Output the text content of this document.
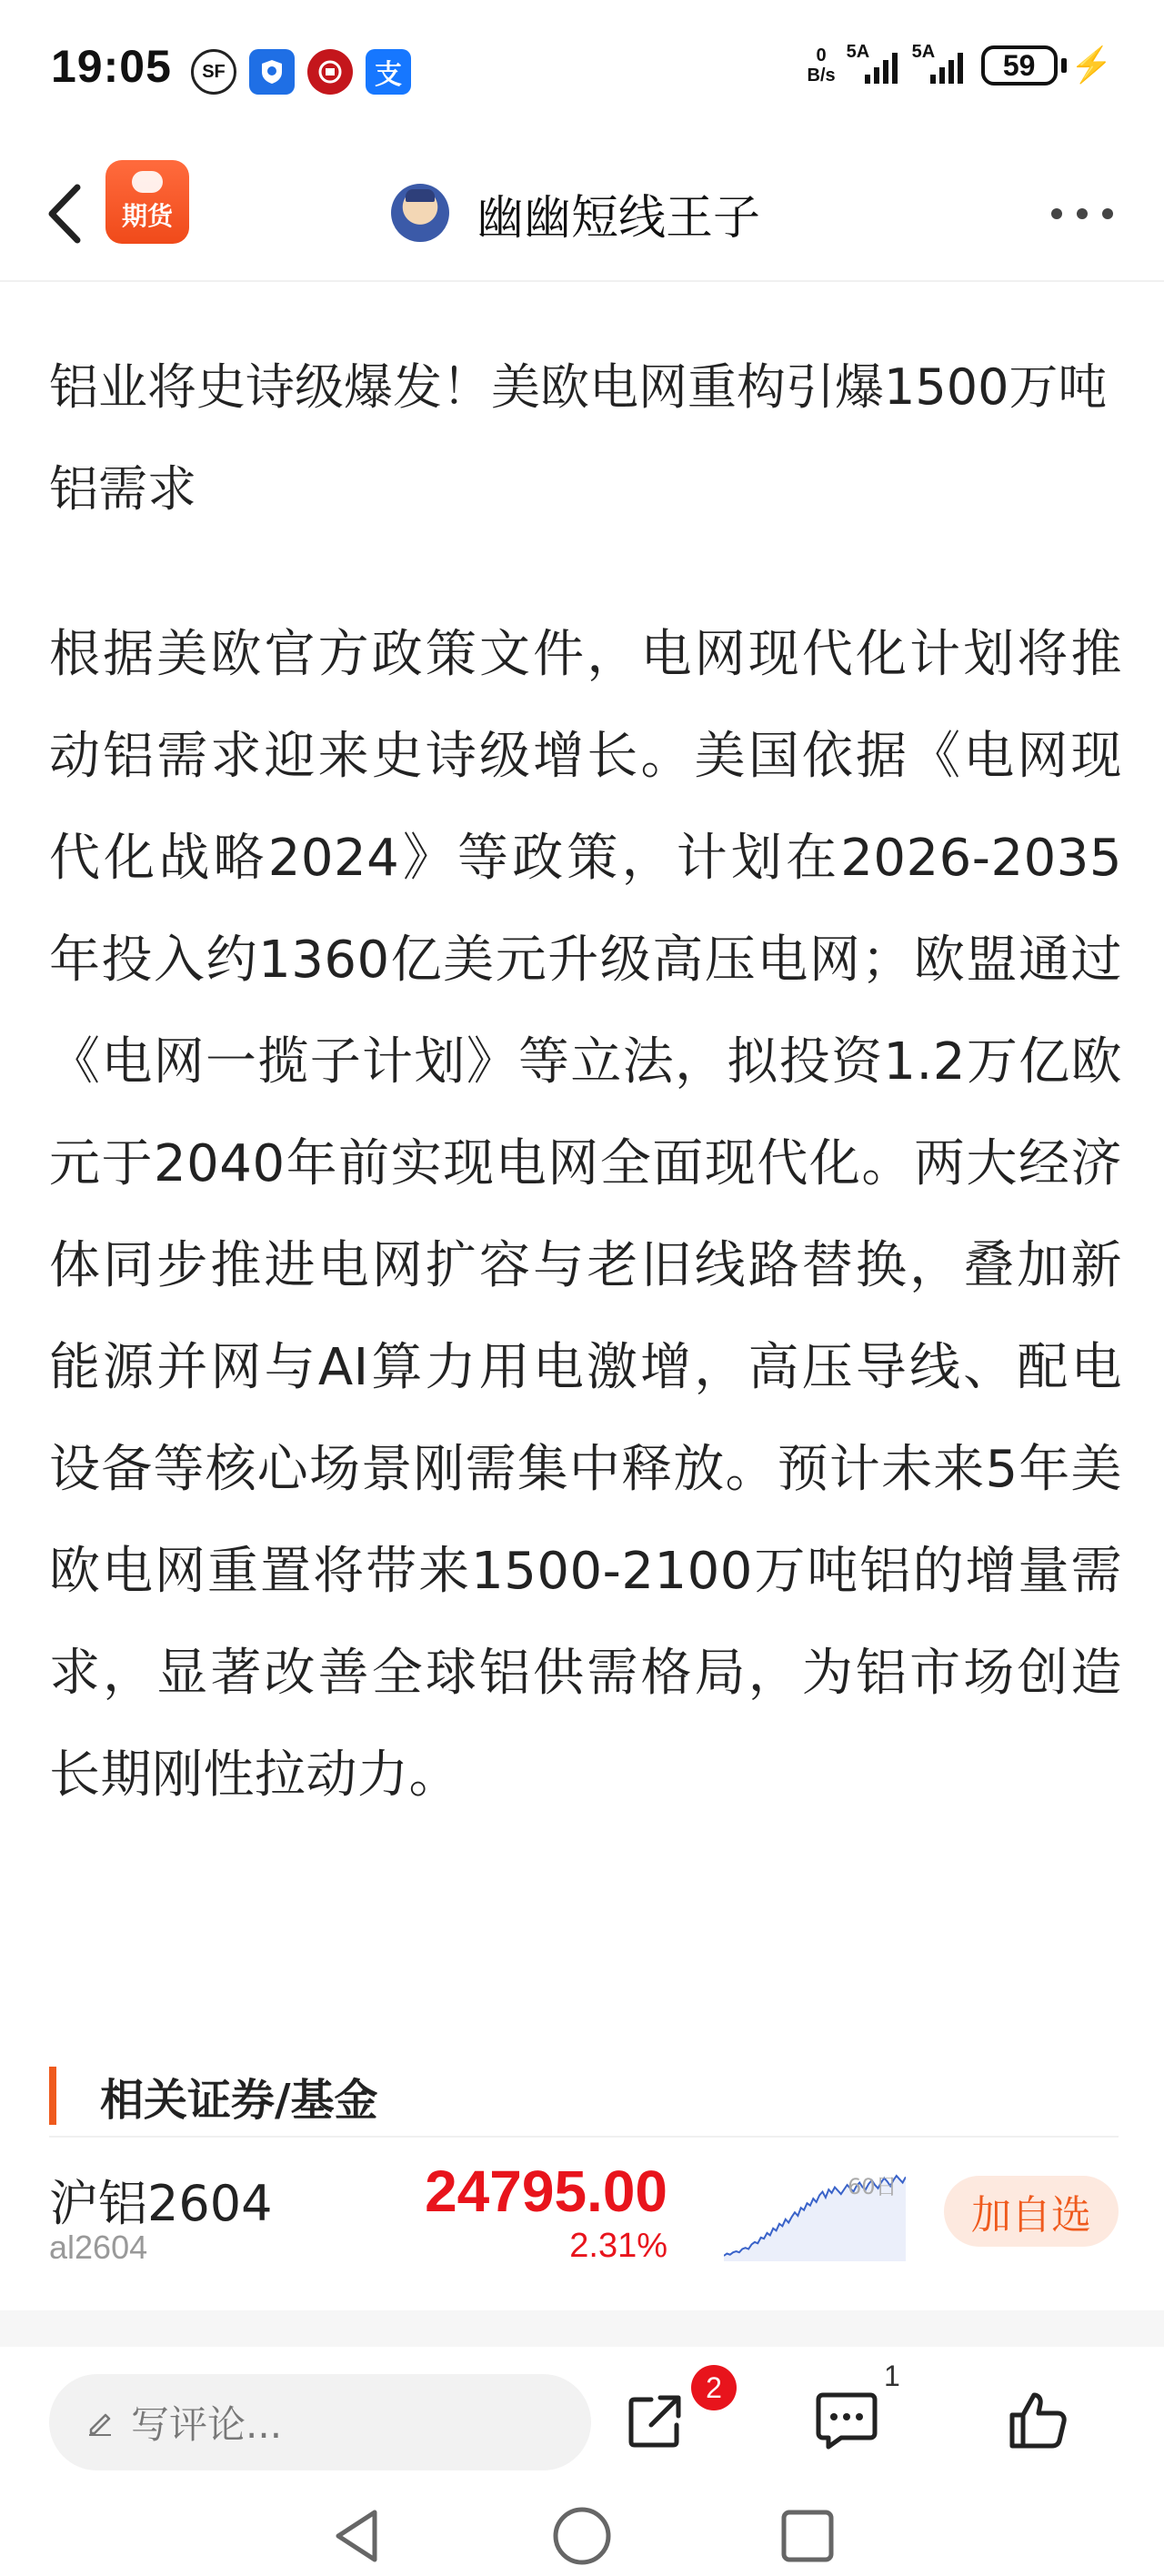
19:05 SF	支
0
B/s
5A 5A	59	⚡
期货	幽幽短线王子
铝业将史诗级爆发！美欧电网重构引爆1500万吨铝需求
根据美欧官方政策文件，电网现代化计划将推动铝需求迎来史诗级增长。美国依据《电网现代化战略2024》等政策，计划在2026-2035年投入约1360亿美元升级高压电网；欧盟通过《电网一揽子计划》等立法，拟投资1.2万亿欧元于2040年前实现电网全面现代化。两大经济体同步推进电网扩容与老旧线路替换，叠加新能源并网与AI算力用电激增，高压导线、配电设备等核心场景刚需集中释放。预计未来5年美欧电网重置将带来1500-2100万吨铝的增量需求，显著改善全球铝供需格局，为铝市场创造长期刚性拉动力。
相关证券/基金
沪铝2604
al2604
24795.00
2.31%
60日
加自选
写评论...
2	1
